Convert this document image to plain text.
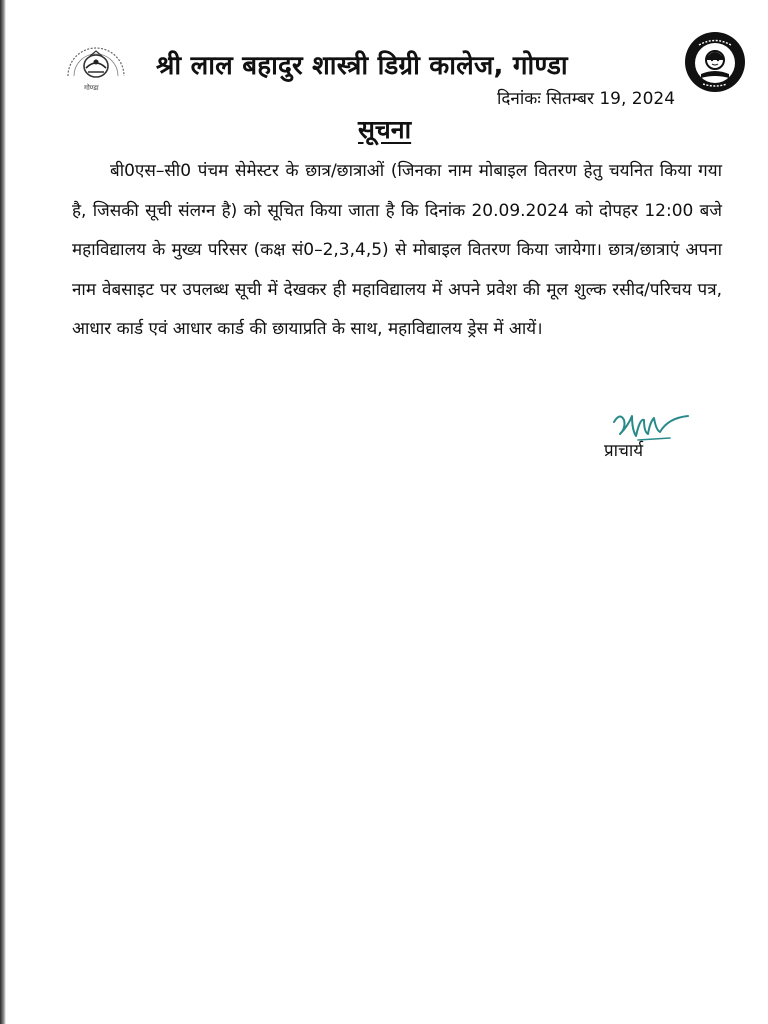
गोण्डा
श्री लाल बहादुर शास्त्री डिग्री कालेज, गोण्डा
दिनांकः सितम्बर 19, 2024
सूचना

बी0एस–सी0 पंचम सेमेस्टर के छात्र/छात्राओं (जिनका नाम मोबाइल वितरण हेतु चयनित किया गया है, जिसकी सूची संलग्न है) को सूचित किया जाता है कि दिनांक 20.09.2024 को दोपहर 12:00 बजे महाविद्यालय के मुख्य परिसर (कक्ष सं0–2,3,4,5) से मोबाइल वितरण किया जायेगा। छात्र/छात्राएं अपना नाम वेबसाइट पर उपलब्ध सूची में देखकर ही महाविद्यालय में अपने प्रवेश की मूल शुल्क रसीद/परिचय पत्र, आधार कार्ड एवं आधार कार्ड की छायाप्रति के साथ, महाविद्यालय ड्रेस में आयें।

प्राचार्य
